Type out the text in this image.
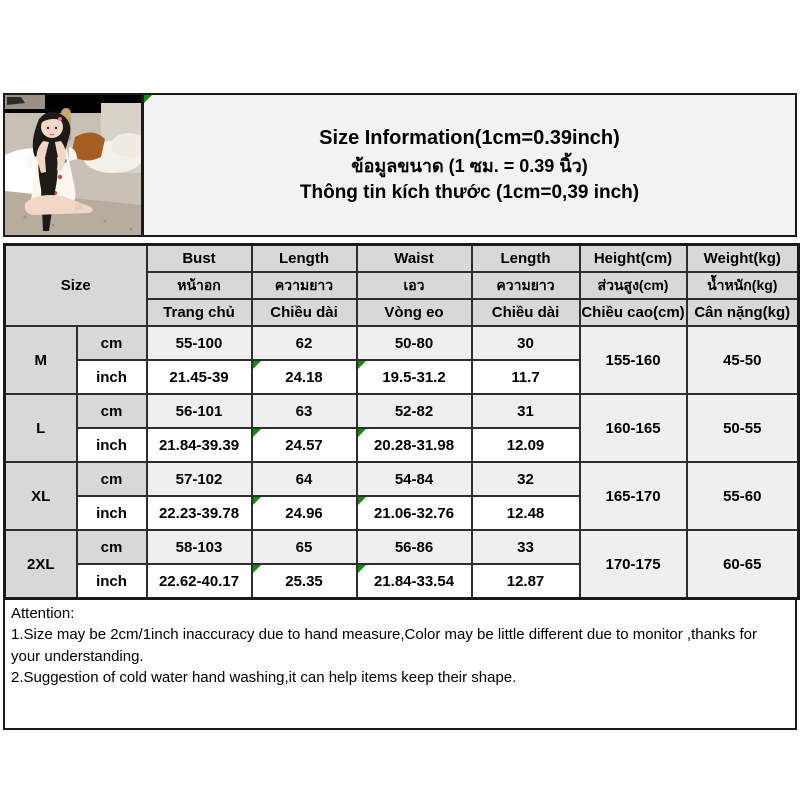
Size Information(1cm=0.39inch)
ข้อมูลขนาด (1 ซม. = 0.39 นิ้ว)
Thông tin kích thước (1cm=0,39 inch)
Size		Bust	Length	Waist	Length	Height(cm)	Weight(kg)
		หน้าอก	ความยาว	เอว	ความยาว	ส่วนสูง(cm)	น้ำหนัก(kg)
		Trang chủ	Chiều dài	Vòng eo	Chiều dài	Chiều cao(cm)	Cân nặng(kg)
M	cm	55-100	62	50-80	30	155-160	45-50
	inch	21.45-39	24.18	19.5-31.2	11.7		
L	cm	56-101	63	52-82	31	160-165	50-55
	inch	21.84-39.39	24.57	20.28-31.98	12.09		
XL	cm	57-102	64	54-84	32	165-170	55-60
	inch	22.23-39.78	24.96	21.06-32.76	12.48		
2XL	cm	58-103	65	56-86	33	170-175	60-65
	inch	22.62-40.17	25.35	21.84-33.54	12.87		
Attention:
1.Size may be 2cm/1inch inaccuracy due to hand measure,Color may be little different due to monitor ,thanks for your understanding.
2.Suggestion of cold water hand washing,it can help items keep their shape.
